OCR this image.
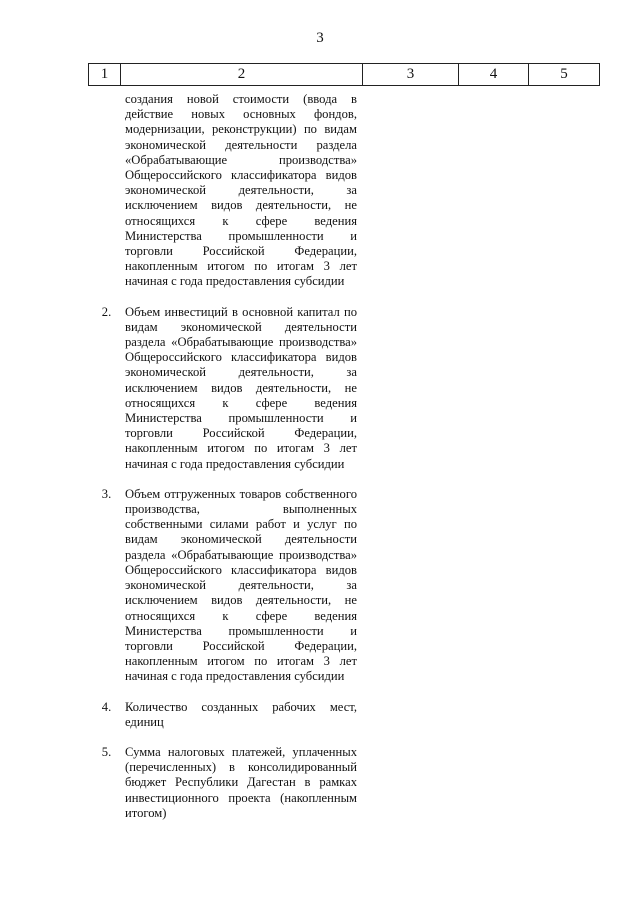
3
1	2	3	4	5
создания новой стоимости (ввода в действие новых основных фондов, модернизации, реконструкции) по видам экономической деятельности раздела «Обрабатывающие производства» Общероссийского классификатора видов экономической деятельности, за исключением видов деятельности, не относящихся к сфере ведения Министерства промышленности и торговли Российской Федерации, накопленным итогом по итогам 3 лет начиная с года предоставления субсидии
2.	Объем инвестиций в основной капитал по видам экономической деятельности раздела «Обрабатывающие производства» Общероссийского классификатора видов экономической деятельности, за исключением видов деятельности, не относящихся к сфере ведения Министерства промышленности и торговли Российской Федерации, накопленным итогом по итогам 3 лет начиная с года предоставления субсидии
3.	Объем отгруженных товаров собственного производства, выполненных собственными силами работ и услуг по видам экономической деятельности раздела «Обрабатывающие производства» Общероссийского классификатора видов экономической деятельности, за исключением видов деятельности, не относящихся к сфере ведения Министерства промышленности и торговли Российской Федерации, накопленным итогом по итогам 3 лет начиная с года предоставления субсидии
4.	Количество созданных рабочих мест, единиц
5.	Сумма налоговых платежей, уплаченных (перечисленных) в консолидированный бюджет Республики Дагестан в рамках инвестиционного проекта (накопленным итогом)
